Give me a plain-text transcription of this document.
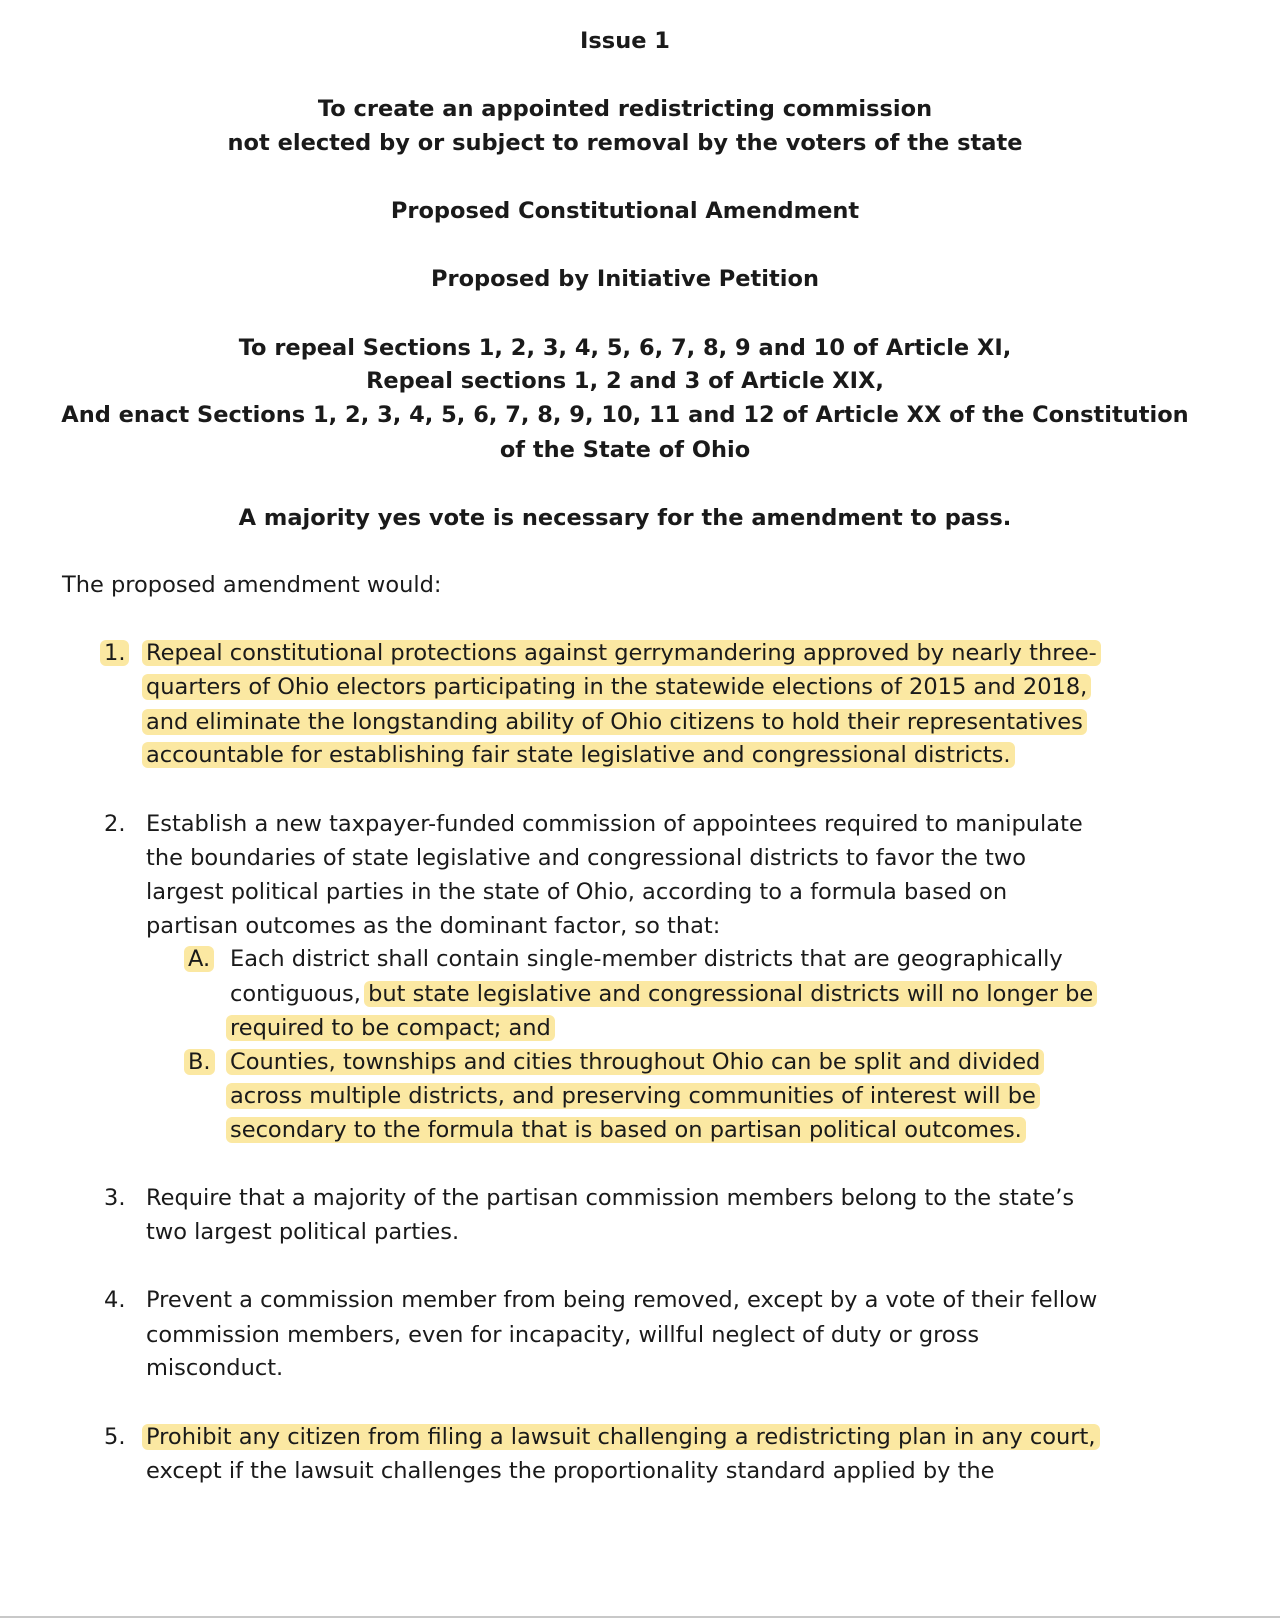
Issue 1
To create an appointed redistricting commission
not elected by or subject to removal by the voters of the state
Proposed Constitutional Amendment
Proposed by Initiative Petition
To repeal Sections 1, 2, 3, 4, 5, 6, 7, 8, 9 and 10 of Article XI,
Repeal sections 1, 2 and 3 of Article XIX,
And enact Sections 1, 2, 3, 4, 5, 6, 7, 8, 9, 10, 11 and 12 of Article XX of the Constitution
of the State of Ohio
A majority yes vote is necessary for the amendment to pass.
The proposed amendment would:
1. Repeal constitutional protections against gerrymandering approved by nearly three-
quarters of Ohio electors participating in the statewide elections of 2015 and 2018,
and eliminate the longstanding ability of Ohio citizens to hold their representatives
accountable for establishing fair state legislative and congressional districts.
2. Establish a new taxpayer-funded commission of appointees required to manipulate
the boundaries of state legislative and congressional districts to favor the two
largest political parties in the state of Ohio, according to a formula based on
partisan outcomes as the dominant factor, so that:
A. Each district shall contain single-member districts that are geographically
contiguous, but state legislative and congressional districts will no longer be
required to be compact; and
B. Counties, townships and cities throughout Ohio can be split and divided
across multiple districts, and preserving communities of interest will be
secondary to the formula that is based on partisan political outcomes.
3. Require that a majority of the partisan commission members belong to the state’s
two largest political parties.
4. Prevent a commission member from being removed, except by a vote of their fellow
commission members, even for incapacity, willful neglect of duty or gross
misconduct.
5. Prohibit any citizen from filing a lawsuit challenging a redistricting plan in any court,
except if the lawsuit challenges the proportionality standard applied by the
